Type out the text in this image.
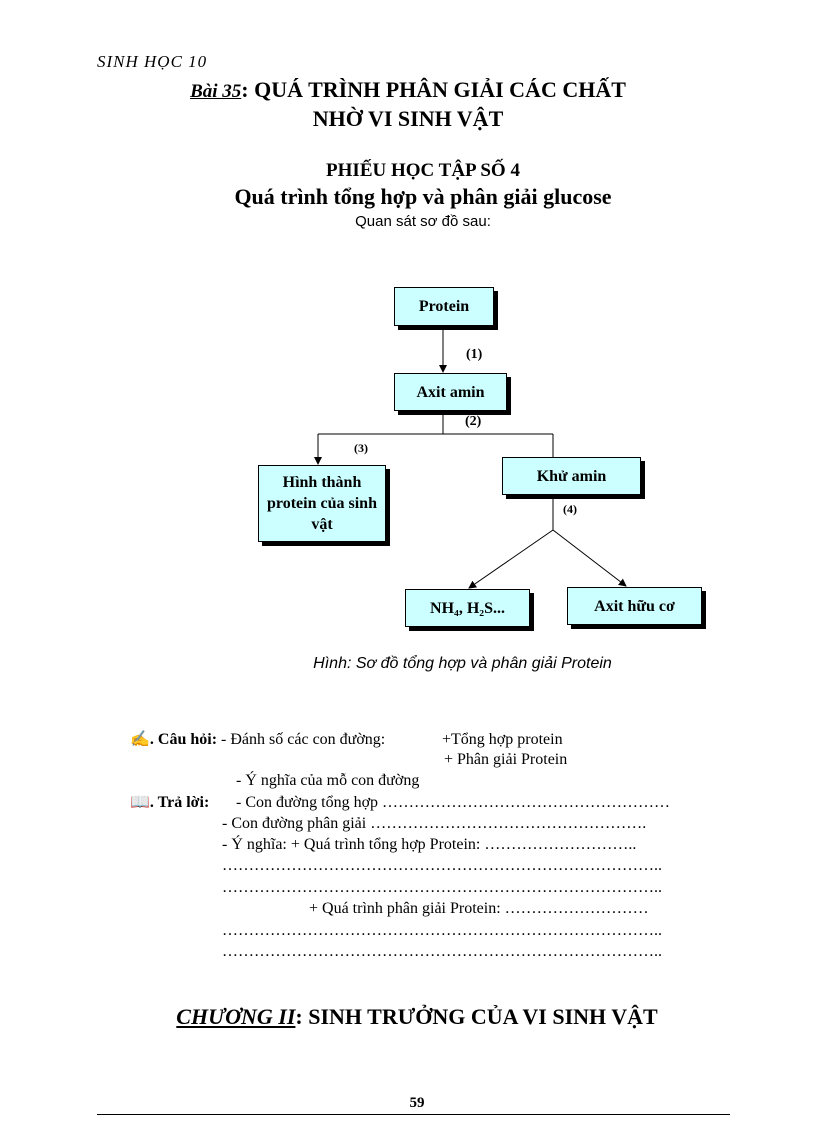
SINH HỌC 10
Bài 35: QUÁ TRÌNH PHÂN GIẢI CÁC CHẤT
NHỜ VI SINH VẬT
PHIẾU HỌC TẬP SỐ 4
Quá trình tổng hợp và phân giải glucose
Quan sát sơ đồ sau:
Protein
Axit amin
Hình thành protein của sinh vật
Khử amin
NH₄, H₂S...	Axit hữu cơ
(1)
(2)
(3)
(4)
Hình: Sơ đồ tổng hợp và phân giải Protein
✍. Câu hỏi: - Đánh số các con đường:	+Tổng hợp protein
+ Phân giải Protein
- Ý nghĩa của mỗ con đường
📖. Trả lời: - Con đường tổng hợp ………………………………………………
- Con đường phân giải …………………………………………….
- Ý nghĩa: + Quá trình tổng hợp Protein: ………………………..
………………………………………………………………………..
………………………………………………………………………..
+ Quá trình phân giải Protein: ………………………
………………………………………………………………………..
………………………………………………………………………..
CHƯƠNG II: SINH TRƯỞNG CỦA VI SINH VẬT
59
